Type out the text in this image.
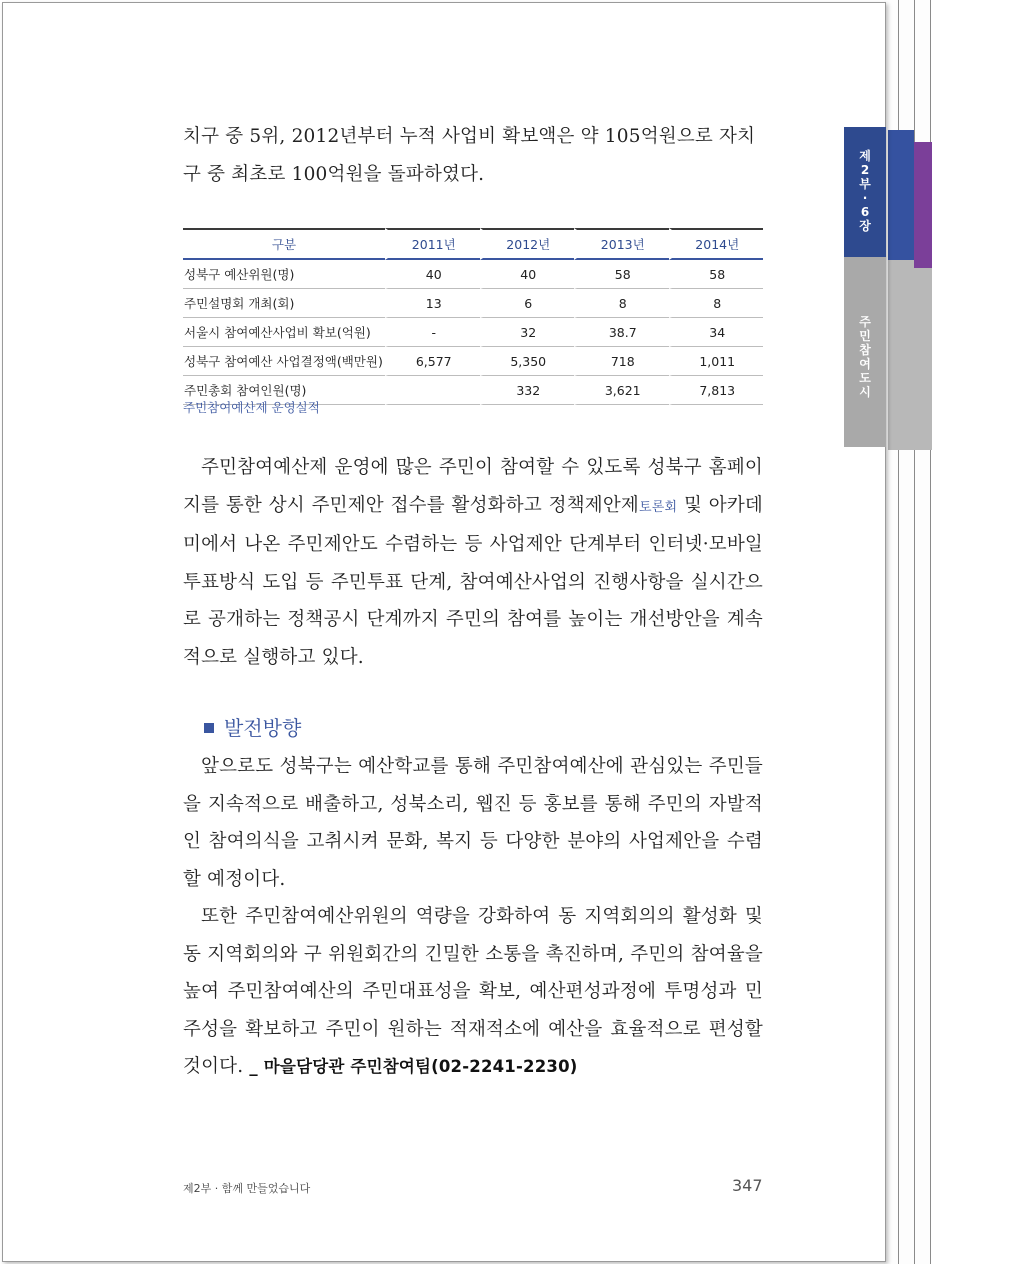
제
2
부
·
6
장
주
민
참
여
도
시

치구 중 5위, 2012년부터 누적 사업비 확보액은 약 105억원으로 자치

구 중 최초로 100억원을 돌파하였다.

구분	2011년	2012년	2013년	2014년
성북구 예산위원(명)	40	40	58	58
주민설명회 개최(회)	13	6	8	8
서울시 참여예산사업비 확보(억원)	-	32	38.7	34
성북구 참여예산 사업결정액(백만원)	6,577	5,350	718	1,011
주민총회 참여인원(명)		332	3,621	7,813
주민참여예산제 운영실적

주민참여예산제 운영에 많은 주민이 참여할 수 있도록 성북구 홈페이지를 통한 상시 주민제안 접수를 활성화하고 정책제안제토론회 및 아카데미에서 나온 주민제안도 수렴하는 등 사업제안 단계부터 인터넷·모바일 투표방식 도입 등 주민투표 단계, 참여예산사업의 진행사항을 실시간으로 공개하는 정책공시 단계까지 주민의 참여를 높이는 개선방안을 계속적으로 실행하고 있다.

발전방향

앞으로도 성북구는 예산학교를 통해 주민참여예산에 관심있는 주민들을 지속적으로 배출하고, 성북소리, 웹진 등 홍보를 통해 주민의 자발적인 참여의식을 고취시켜 문화, 복지 등 다양한 분야의 사업제안을 수렴할 예정이다.

또한 주민참여예산위원의 역량을 강화하여 동 지역회의의 활성화 및 동 지역회의와 구 위원회간의 긴밀한 소통을 촉진하며, 주민의 참여율을 높여 주민참여예산의 주민대표성을 확보, 예산편성과정에 투명성과 민주성을 확보하고 주민이 원하는 적재적소에 예산을 효율적으로 편성할 것이다. _ 마을담당관 주민참여팀(02-2241-2230)

제2부 · 함께 만들었습니다	347
